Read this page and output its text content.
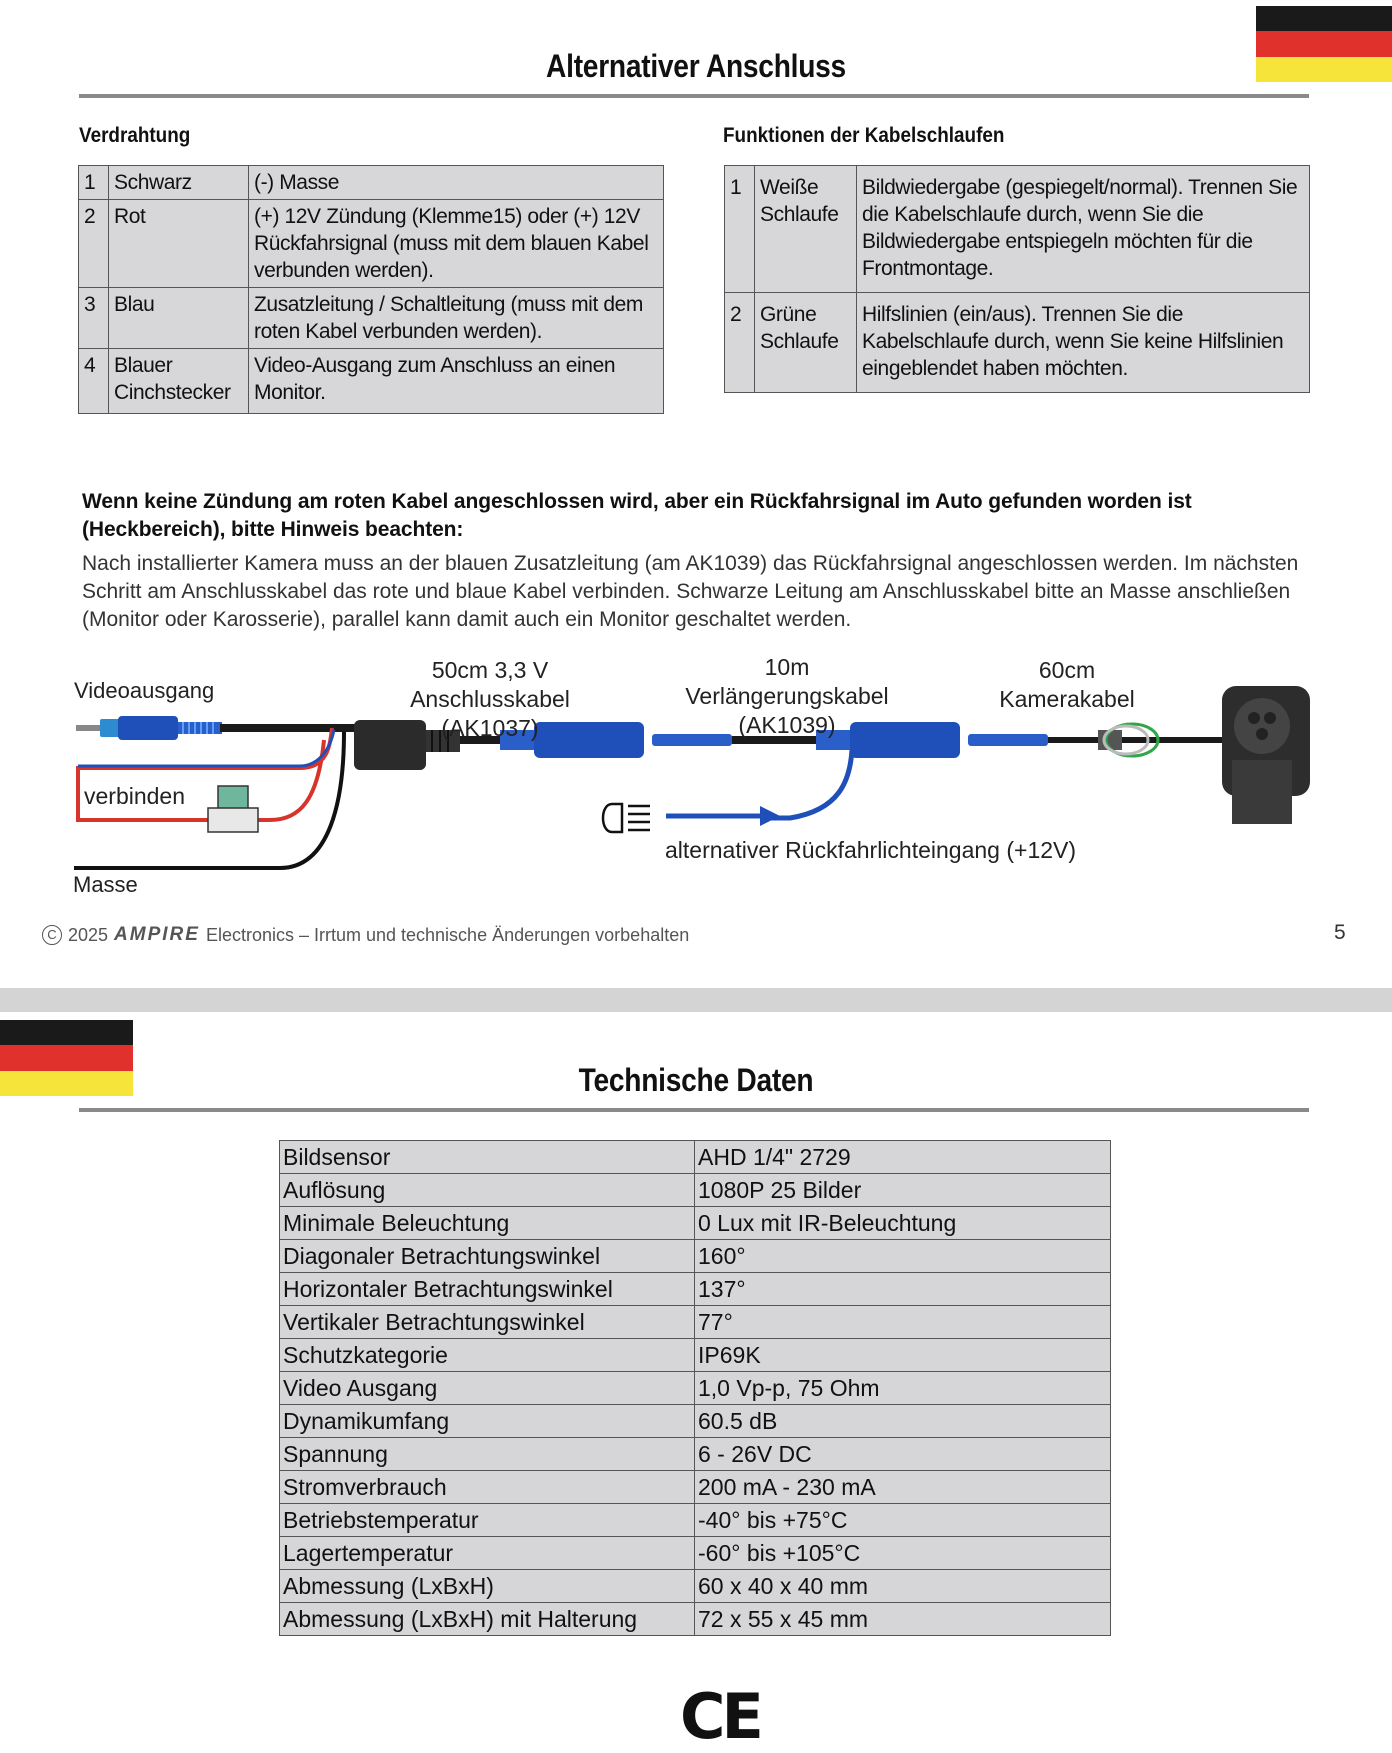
Alternativer Anschluss
Verdrahtung	Funktionen der Kabelschlaufen
1	Schwarz	(-) Masse
2	Rot	(+) 12V Zündung (Klemme15) oder (+) 12V Rückfahrsignal (muss mit dem blauen Kabel verbunden werden).
3	Blau	Zusatzleitung / Schaltleitung (muss mit dem roten Kabel verbunden werden).
4	Blauer Cinchstecker	Video-Ausgang zum Anschluss an einen Monitor.
1	Weiße Schlaufe	Bildwiedergabe (gespiegelt/normal). Trennen Sie die Kabelschlaufe durch, wenn Sie die Bildwiedergabe entspiegeln möchten für die Frontmontage.
2	Grüne Schlaufe	Hilfslinien (ein/aus). Trennen Sie die Kabelschlaufe durch, wenn Sie keine Hilfslinien eingeblendet haben möchten.
Wenn keine Zündung am roten Kabel angeschlossen wird, aber ein Rückfahrsignal im Auto gefunden worden ist (Heckbereich), bitte Hinweis beachten:
Nach installierter Kamera muss an der blauen Zusatzleitung (am AK1039) das Rückfahrsignal angeschlossen werden. Im nächsten Schritt am Anschlusskabel das rote und blaue Kabel verbinden. Schwarze Leitung am Anschlusskabel bitte an Masse anschließen (Monitor oder Karosserie), parallel kann damit auch ein Monitor geschaltet werden.
Videoausgang
50cm 3,3 V
Anschlusskabel (AK1037)
10m
Verlängerungskabel (AK1039)
60cm
Kamerakabel
verbinden
Masse
alternativer Rückfahrlichteingang (+12V)
C 2025 AMPIRE Electronics – Irrtum und technische Änderungen vorbehalten	5
Technische Daten
Bildsensor	AHD 1/4" 2729
Auflösung	1080P 25 Bilder
Minimale Beleuchtung	0 Lux mit IR-Beleuchtung
Diagonaler Betrachtungswinkel	160°
Horizontaler Betrachtungswinkel	137°
Vertikaler Betrachtungswinkel	77°
Schutzkategorie	IP69K
Video Ausgang	1,0 Vp-p, 75 Ohm
Dynamikumfang	60.5 dB
Spannung	6 - 26V DC
Stromverbrauch	200 mA - 230 mA
Betriebstemperatur	-40° bis +75°C
Lagertemperatur	-60° bis +105°C
Abmessung (LxBxH)	60 x 40 x 40 mm
Abmessung (LxBxH) mit Halterung	72 x 55 x 45 mm
CE
